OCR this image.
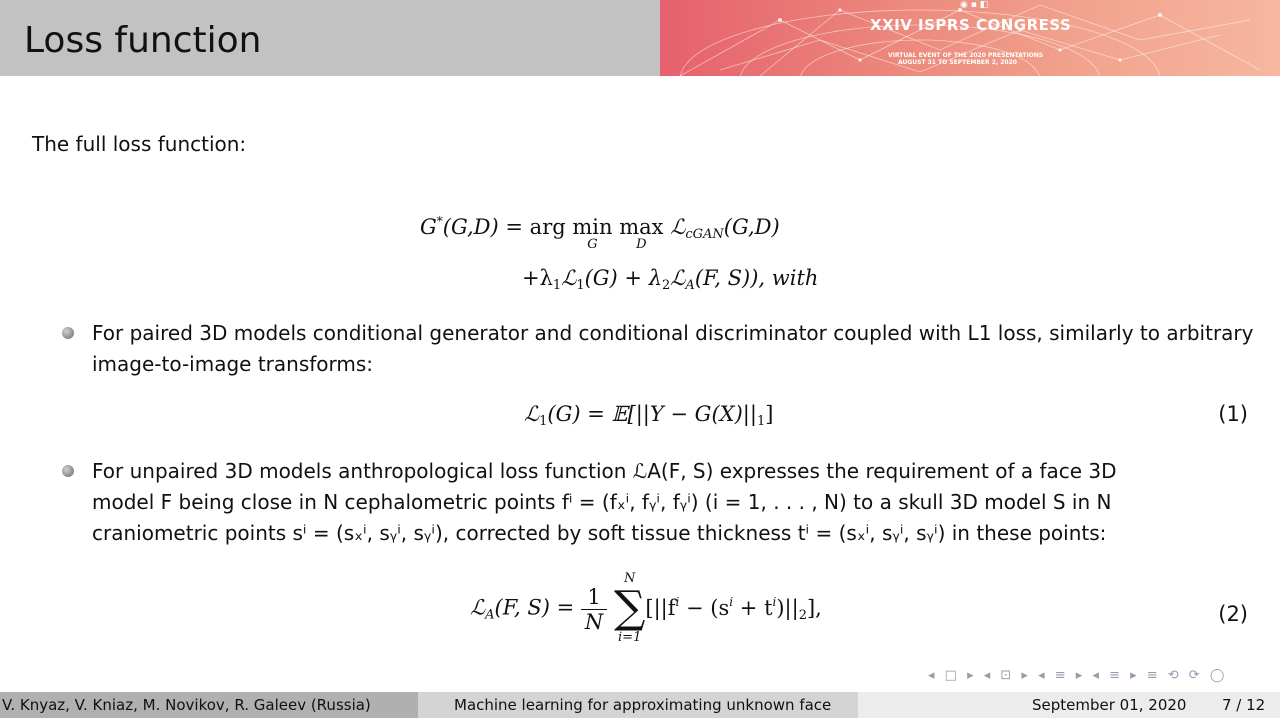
Loss function
◉ ▪ ◧
XXIV ISPRS CONGRESS
VIRTUAL EVENT OF THE 2020 PRESENTATIONS
AUGUST 31 TO SEPTEMBER 2, 2020
The full loss function:
G*(G,D) = arg min
G
max
D
ℒ$_{cGAN}$(G,D)
$+\lambda_1ℒ_1(G)$ + $\lambda_2ℒ_A(F$, S)), with
For paired 3D models conditional generator and conditional discriminator coupled with L1 loss, similarly to arbitrary image-to-image transforms:
ℒ$_1$(G) = 𝔼[||Y − $G(X)||_1$]	(1)
For unpaired 3D models anthropological loss function ℒA(F, S) expresses the requirement of a face 3D
model F being close in N cephalometric points fⁱ = (fₓⁱ, fᵧⁱ, fᵧⁱ) (i = 1, . . . , N) to a skull 3D model S in N
craniometric points sⁱ = (sₓⁱ, sᵧⁱ, sᵧⁱ), corrected by soft tissue thickness tⁱ = (sₓⁱ, sᵧⁱ, sᵧⁱ) in these points:
ℒ$_A$(F, $S) = \frac{1}{N}$

N
∑
i=1
$[||f^i - (s^i + t^i)||_2]$,	(2)
◂ □ ▸ ◂ ⊡ ▸ ◂ ≡ ▸ ◂ ≡ ▸ ≡ ⟲ ⟳ ◯
V. Knyaz, V. Kniaz, M. Novikov, R. Galeev (Russia)	Machine learning for approximating unknown face	September 01, 2020 7 / 12
